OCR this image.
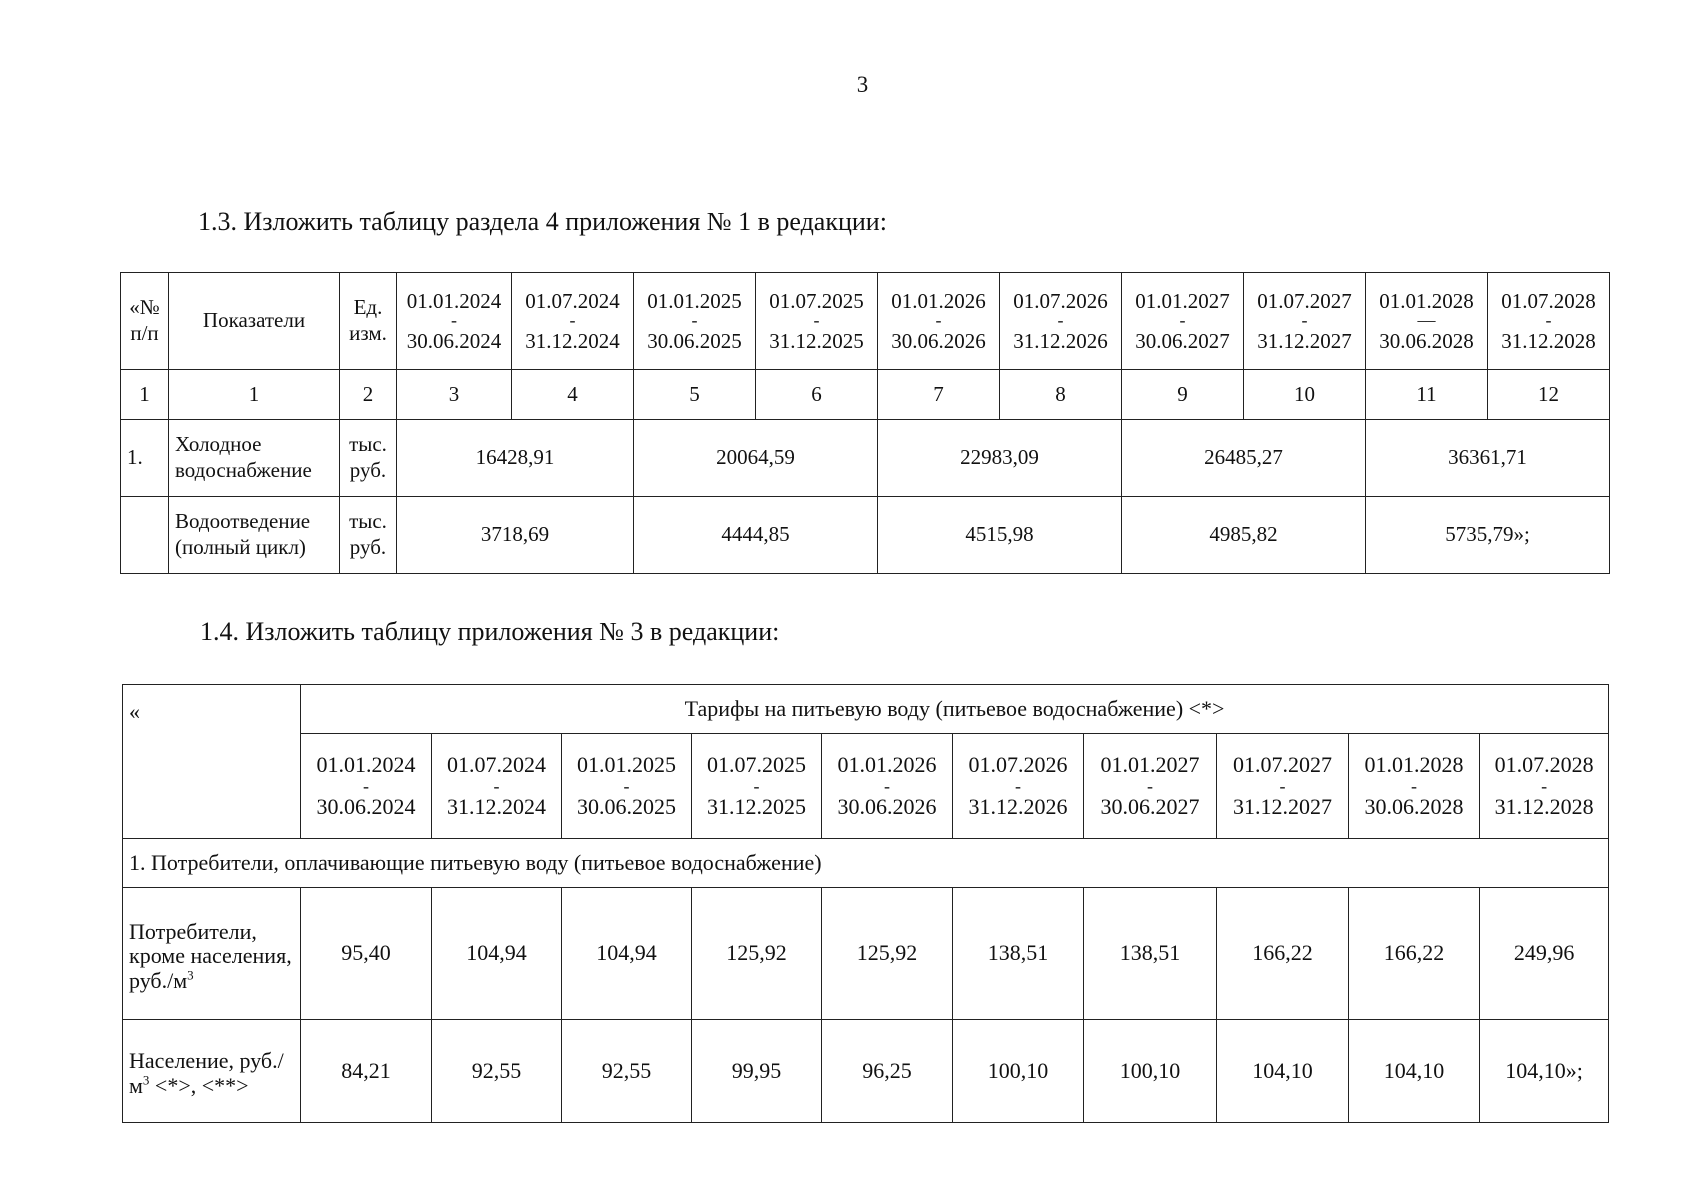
3
1.3. Изложить таблицу раздела 4 приложения № 1 в редакции:
«№ п/п	Показатели	Ед. изм.	01.01.2024
-
30.06.2024	01.07.2024
-
31.12.2024	01.01.2025
-
30.06.2025	01.07.2025
-
31.12.2025	01.01.2026
-
30.06.2026	01.07.2026
-
31.12.2026	01.01.2027
-
30.06.2027	01.07.2027
-
31.12.2027	01.01.2028
—
30.06.2028	01.07.2028
-
31.12.2028

1	1	2	3	4	5	6	7	8	9	10	11	12
1.	Холодное водоснабжение	тыс. руб.	16428,91		20064,59		22983,09		26485,27		36361,71	
	Водоотведение (полный цикл)	тыс. руб.	3718,69		4444,85		4515,98		4985,82		5735,79»;	
1.4. Изложить таблицу приложения № 3 в редакции:
«	Тарифы на питьевую воду (питьевое водоснабжение) <*>									

	01.01.2024
-
30.06.2024	01.07.2024
-
31.12.2024	01.01.2025
-
30.06.2025	01.07.2025
-
31.12.2025	01.01.2026
-
30.06.2026	01.07.2026
-
31.12.2026	01.01.2027
-
30.06.2027	01.07.2027
-
31.12.2027	01.01.2028
-
30.06.2028	01.07.2028
-
31.12.2028

1. Потребители, оплачивающие питьевую воду (питьевое водоснабжение)										
Потребители, кроме населения, $руб./м^3$	95,40	104,94	104,94	125,92	125,92	138,51	138,51	166,22	166,22	249,96
Население, $руб./м^3$ <*>, <**>	84,21	92,55	92,55	99,95	96,25	100,10	100,10	104,10	104,10	104,10»;
